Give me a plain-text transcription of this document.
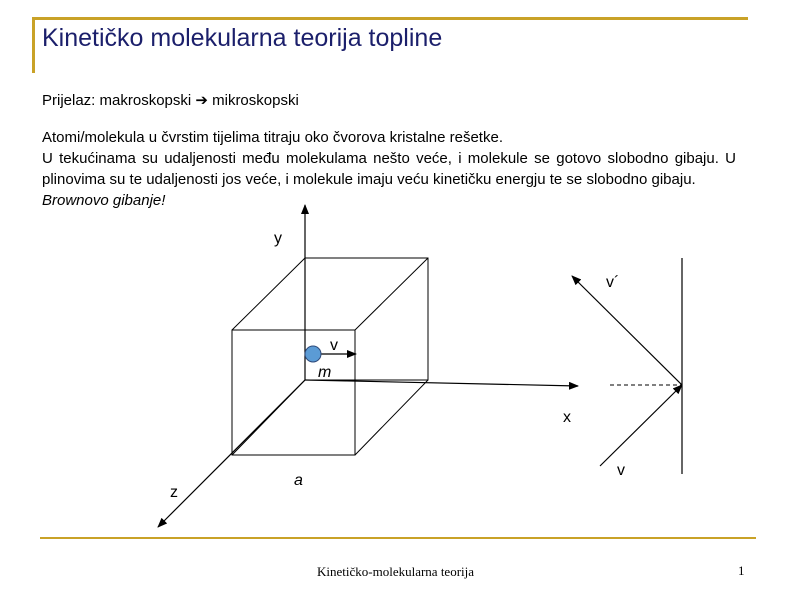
Kinetičko molekularna teorija topline
Prijelaz: makroskopski ➔ mikroskopski

Atomi/molekula u čvrstim tijelima titraju oko čvorova kristalne rešetke.

U tekućinama su udaljenosti među molekulama nešto veće, i molekule se gotovo slobodno gibaju. U plinovima su te udaljenosti jos veće, i molekule imaju veću kinetičku energju te se slobodno gibaju.

Brownovo gibanje!

y
x
z
v
m
a
v
v´
Kinetičko-molekularna teorija	1
